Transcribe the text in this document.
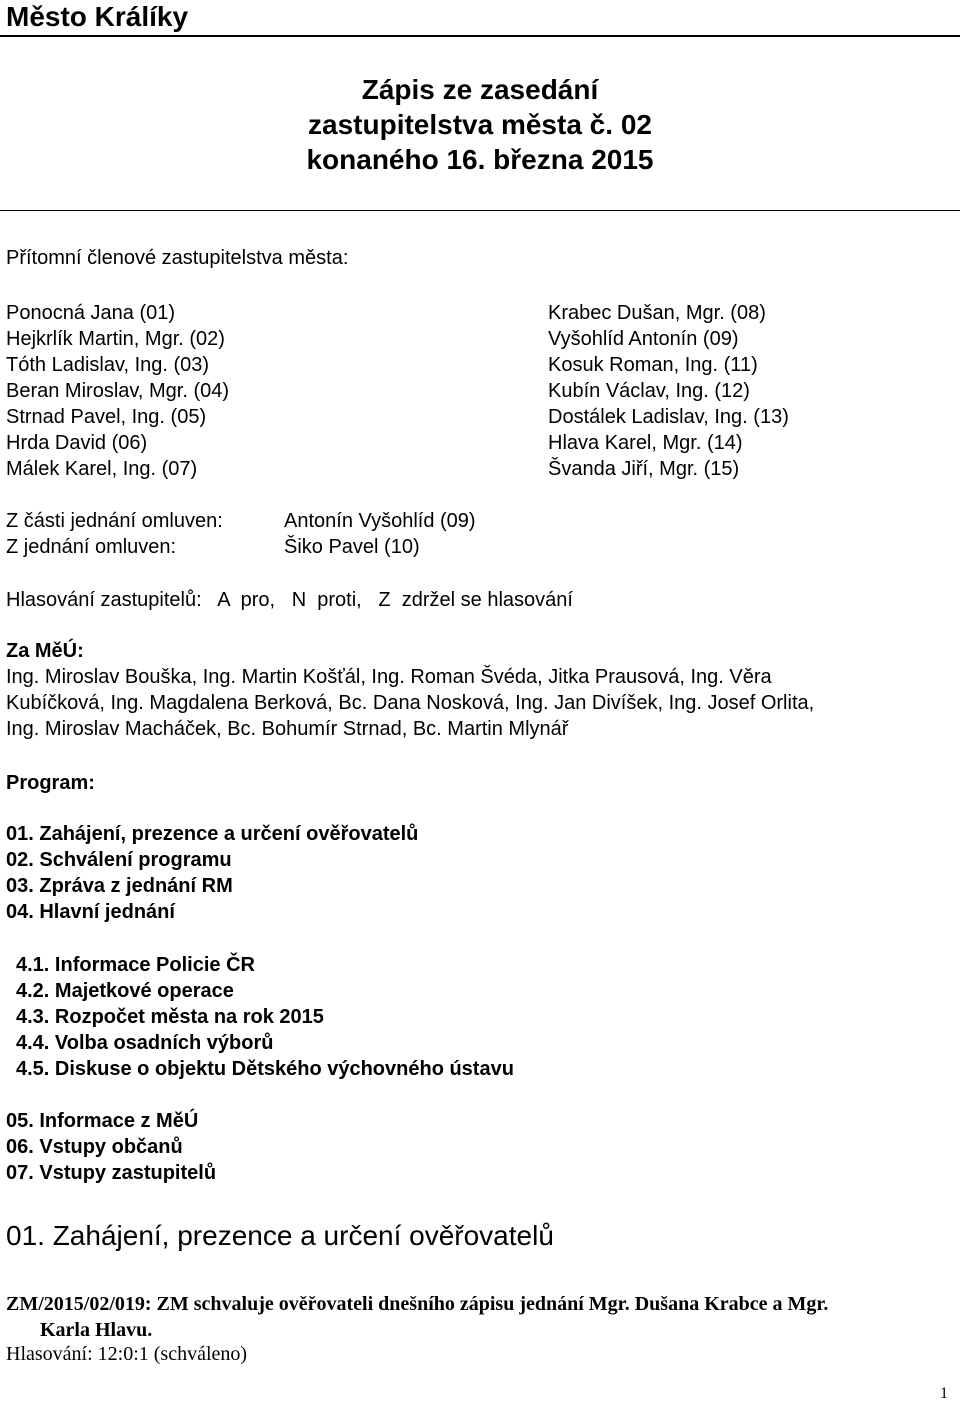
Město Králíky
Zápis ze zasedání
zastupitelstva města č. 02
konaného 16. března 2015
Přítomní členové zastupitelstva města:
Ponocná Jana (01)
Hejkrlík Martin, Mgr. (02)
Tóth Ladislav, Ing. (03)
Beran Miroslav, Mgr. (04)
Strnad Pavel, Ing. (05)
Hrda David (06)
Málek Karel, Ing. (07)
Krabec Dušan, Mgr. (08)
Vyšohlíd Antonín (09)
Kosuk Roman, Ing. (11)
Kubín Václav, Ing. (12)
Dostálek Ladislav, Ing. (13)
Hlava Karel, Mgr. (14)
Švanda Jiří, Mgr. (15)
Z části jednání omluven:	Antonín Vyšohlíd (09)
Z jednání omluven:	Šiko Pavel (10)
Hlasování zastupitelů:   A  pro,   N  proti,   Z  zdržel se hlasování
Za MěÚ:
Ing. Miroslav Bouška, Ing. Martin Košťál, Ing. Roman Švéda, Jitka Prausová, Ing. Věra
Kubíčková, Ing. Magdalena Berková, Bc. Dana Nosková, Ing. Jan Divíšek, Ing. Josef Orlita,
Ing. Miroslav Macháček, Bc. Bohumír Strnad, Bc. Martin Mlynář
Program:
01. Zahájení, prezence a určení ověřovatelů
02. Schválení programu
03. Zpráva z jednání RM
04. Hlavní jednání
4.1. Informace Policie ČR
4.2. Majetkové operace
4.3. Rozpočet města na rok 2015
4.4. Volba osadních výborů
4.5. Diskuse o objektu Dětského výchovného ústavu
05. Informace z MěÚ
06. Vstupy občanů
07. Vstupy zastupitelů
01. Zahájení, prezence a určení ověřovatelů
ZM/2015/02/019: ZM schvaluje ověřovateli dnešního zápisu jednání Mgr. Dušana Krabce a Mgr.
Karla Hlavu.
Hlasování: 12:0:1 (schváleno)
1
